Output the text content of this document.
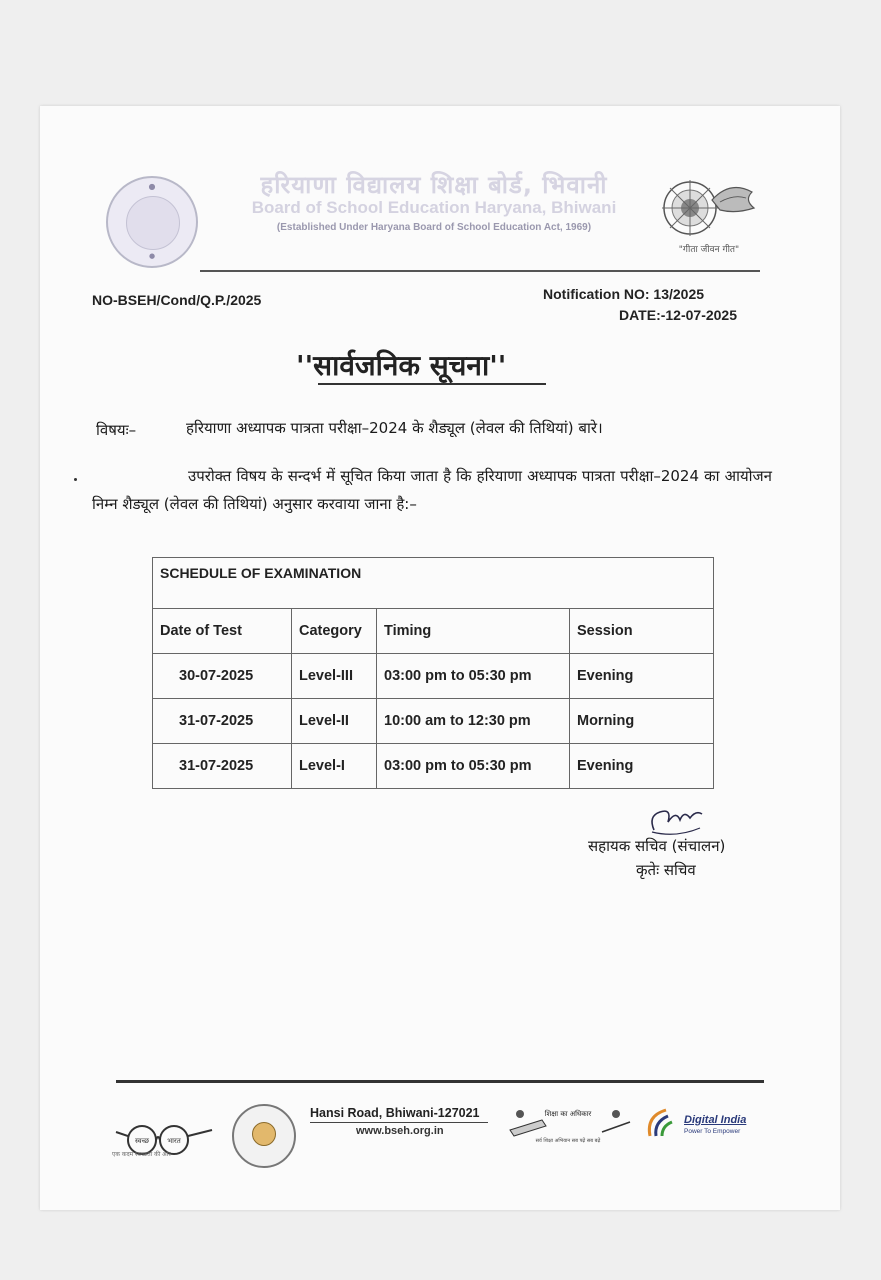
●
●
हरियाणा विद्यालय शिक्षा बोर्ड, भिवानी
Board of School Education Haryana, Bhiwani
(Established Under Haryana Board of School Education Act, 1969)
"गीता जीवन गीत"
NO-BSEH/Cond/Q.P./2025	Notification NO: 13/2025
DATE:-12-07-2025
''सार्वजनिक सूचना''
विषयः–	हरियाणा अध्यापक पात्रता परीक्षा–2024 के शैड्यूल (लेवल की तिथियां) बारे।
उपरोक्त विषय के सन्दर्भ में सूचित किया जाता है कि हरियाणा अध्यापक पात्रता परीक्षा–2024 का आयोजन निम्न शैड्यूल (लेवल की तिथियां) अनुसार करवाया जाना है:–
SCHEDULE OF EXAMINATION			
Date of Test	Category	Timing	Session
30-07-2025	Level-III	03:00 pm to 05:30 pm	Evening
31-07-2025	Level-II	10:00 am to 12:30 pm	Morning
31-07-2025	Level-I	03:00 pm to 05:30 pm	Evening
सहायक सचिव (संचालन)
कृतेः सचिव
स्वच्छ	भारत
एक कदम स्वच्छता की ओर
Hansi Road, Bhiwani-127021
www.bseh.org.in
शिक्षा का अधिकार
सर्व शिक्षा अभियान सब पढ़ें सब बढ़ें
Digital India
Power To Empower
